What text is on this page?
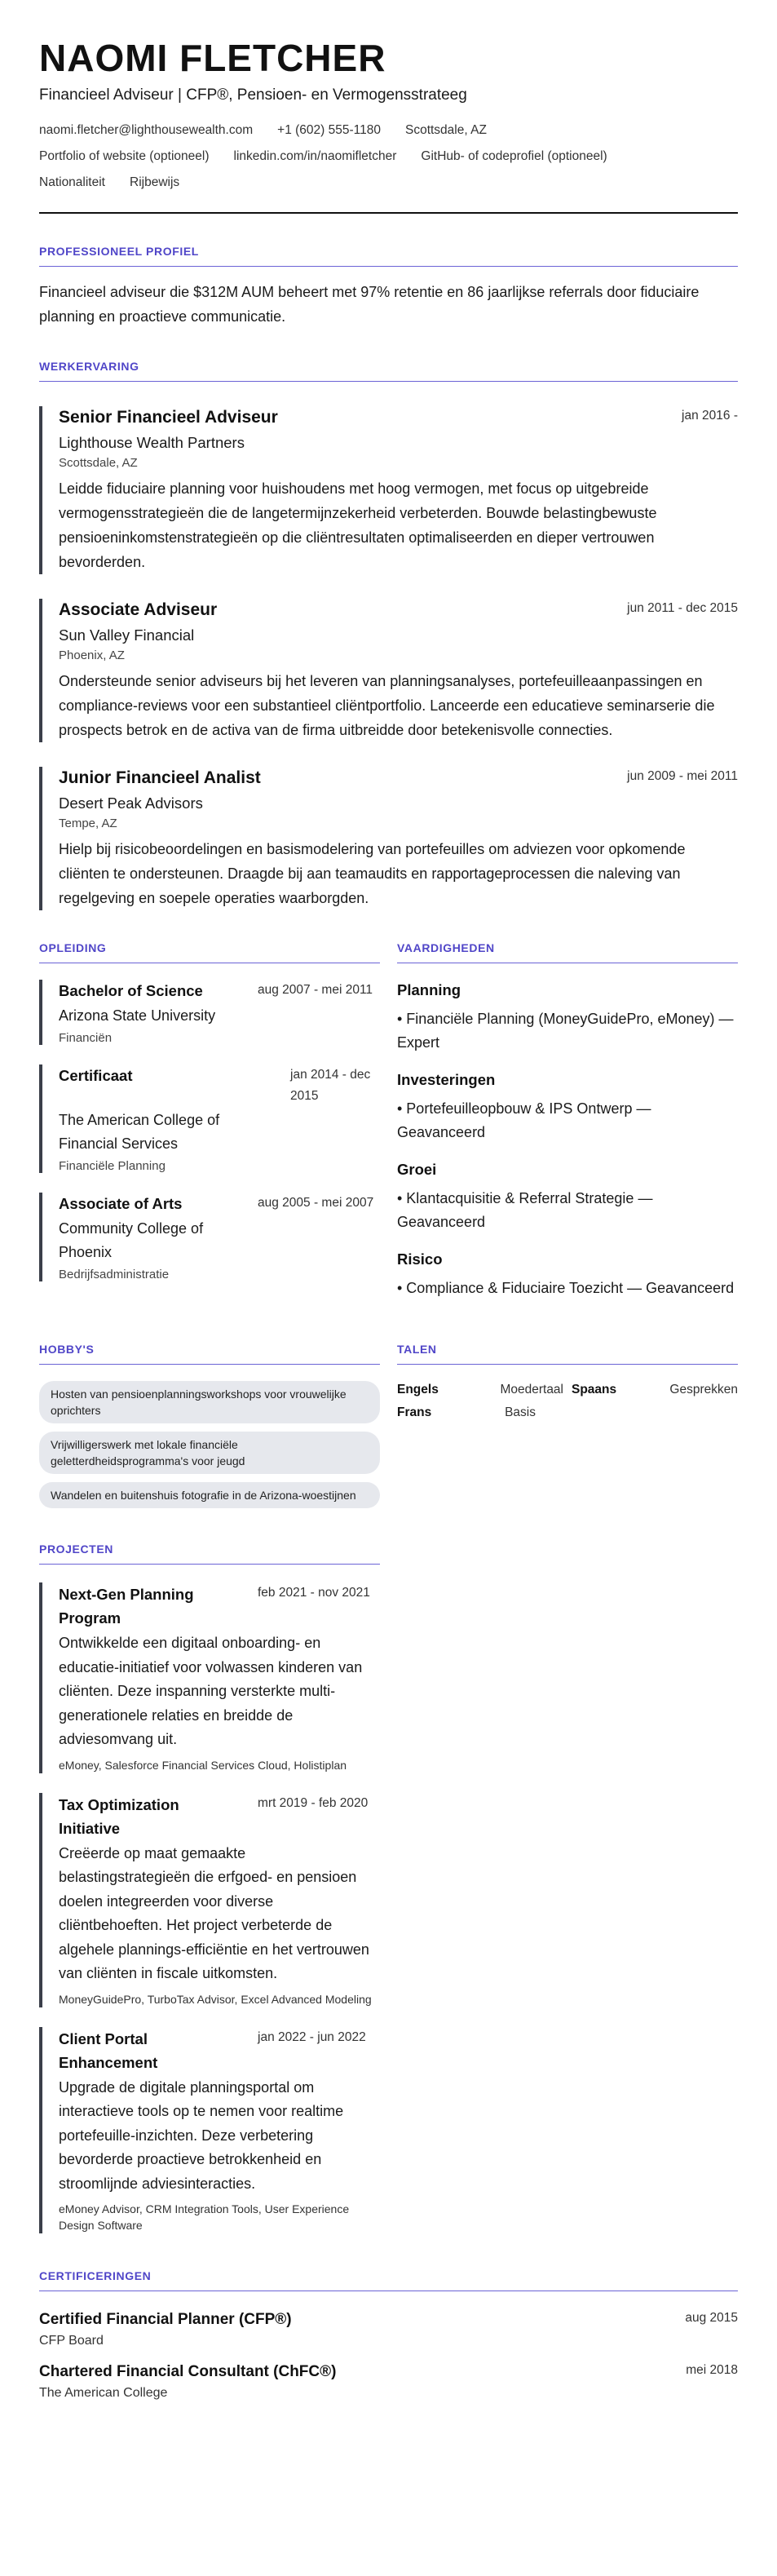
NAOMI FLETCHER
Financieel Adviseur | CFP®, Pensioen- en Vermogensstrateeg
naomi.fletcher@lighthousewealth.com +1 (602) 555-1180 Scottsdale, AZ
Portfolio of website (optioneel) linkedin.com/in/naomifletcher GitHub- of codeprofiel (optioneel)
Nationaliteit Rijbewijs
PROFESSIONEEL PROFIEL

Financieel adviseur die $312M AUM beheert met 97% retentie en 86 jaarlijkse referrals door fiduciaire planning en proactieve communicatie.

WERKERVARING
Senior Financieel Adviseur	jan 2016 -
Lighthouse Wealth Partners
Scottsdale, AZ

Leidde fiduciaire planning voor huishoudens met hoog vermogen, met focus op uitgebreide vermogensstrategieën die de langetermijnzekerheid verbeterden. Bouwde belastingbewuste pensioeninkomstenstrategieën op die cliëntresultaten optimaliseerden en dieper vertrouwen bevorderden.

Associate Adviseur	jun 2011 - dec 2015
Sun Valley Financial
Phoenix, AZ

Ondersteunde senior adviseurs bij het leveren van planningsanalyses, portefeuilleaanpassingen en compliance-reviews voor een substantieel cliëntportfolio. Lanceerde een educatieve seminarserie die prospects betrok en de activa van de firma uitbreidde door betekenisvolle connecties.

Junior Financieel Analist	jun 2009 - mei 2011
Desert Peak Advisors
Tempe, AZ

Hielp bij risicobeoordelingen en basismodelering van portefeuilles om adviezen voor opkomende cliënten te ondersteunen. Draagde bij aan teamaudits en rapportageprocessen die naleving van regelgeving en soepele operaties waarborgden.

OPLEIDING
Bachelor of Science	aug 2007 - mei 2011
Arizona State University
Financiën
Certificaat	jan 2014 - dec 2015
The American College of Financial Services
Financiële Planning
Associate of Arts	aug 2005 - mei 2007
Community College of Phoenix
Bedrijfsadministratie
VAARDIGHEDEN
Planning
• Financiële Planning (MoneyGuidePro, eMoney) — Expert
Investeringen
• Portefeuilleopbouw & IPS Ontwerp — Geavanceerd
Groei
• Klantacquisitie & Referral Strategie — Geavanceerd
Risico
• Compliance & Fiduciaire Toezicht — Geavanceerd
HOBBY'S
Hosten van pensioenplanningsworkshops voor vrouwelijke oprichters
Vrijwilligerswerk met lokale financiële geletterdheidsprogramma's voor jeugd
Wandelen en buitenshuis fotografie in de Arizona-woestijnen
TALEN
Engels	Moedertaal Spaans	Gesprekken
Frans	Basis
PROJECTEN
Next-Gen Planning Program
feb 2021 - nov 2021

Ontwikkelde een digitaal onboarding- en educatie-initiatief voor volwassen kinderen van cliënten. Deze inspanning versterkte multi-generationele relaties en breidde de adviesomvang uit.

eMoney, Salesforce Financial Services Cloud, Holistiplan
Tax Optimization Initiative
mrt 2019 - feb 2020

Creëerde op maat gemaakte belastingstrategieën die erfgoed- en pensioen doelen integreerden voor diverse cliëntbehoeften. Het project verbeterde de algehele plannings-efficiëntie en het vertrouwen van cliënten in fiscale uitkomsten.

MoneyGuidePro, TurboTax Advisor, Excel Advanced Modeling
Client Portal Enhancement
jan 2022 - jun 2022

Upgrade de digitale planningsportal om interactieve tools op te nemen voor realtime portefeuille-inzichten. Deze verbetering bevorderde proactieve betrokkenheid en stroomlijnde adviesinteracties.

eMoney Advisor, CRM Integration Tools, User Experience Design Software
CERTIFICERINGEN
Certified Financial Planner (CFP®)	aug 2015
CFP Board
Chartered Financial Consultant (ChFC®)	mei 2018
The American College
